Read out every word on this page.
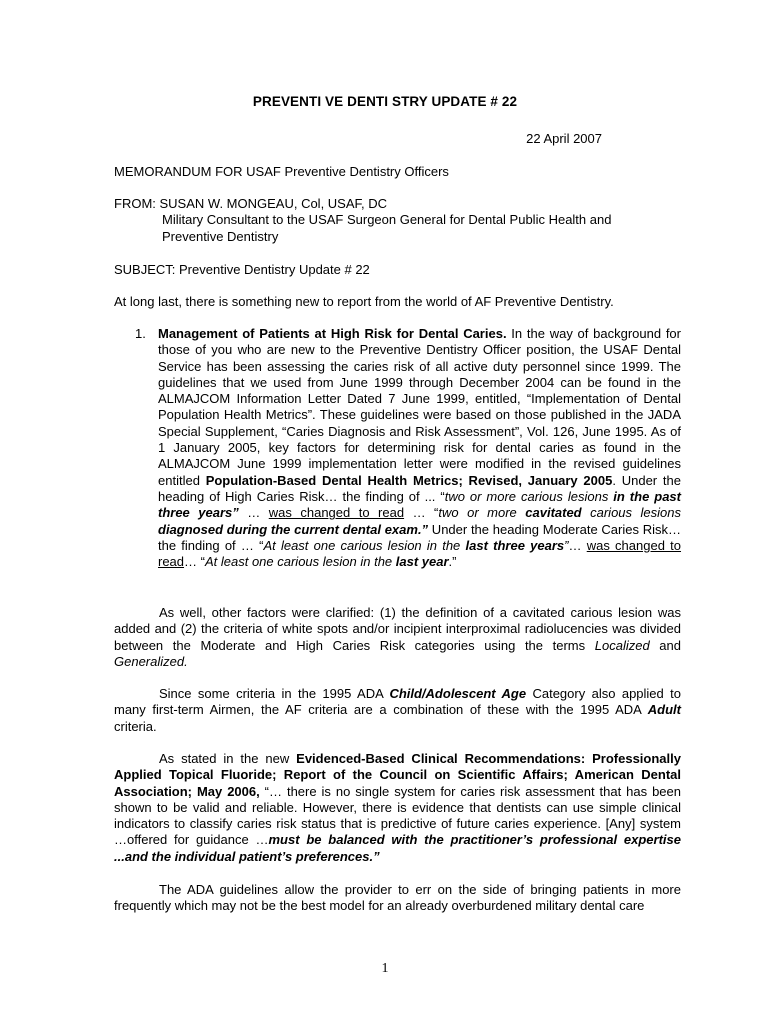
PREVENTI VE DENTI STRY UPDATE # 22
22 April 2007
MEMORANDUM FOR USAF Preventive Dentistry Officers
FROM: SUSAN W. MONGEAU, Col, USAF, DC
Military Consultant to the USAF Surgeon General for Dental Public Health and
Preventive Dentistry
SUBJECT: Preventive Dentistry Update # 22
At long last, there is something new to report from the world of AF Preventive Dentistry.
1. Management of Patients at High Risk for Dental Caries. In the way of background for those of you who are new to the Preventive Dentistry Officer position, the USAF Dental Service has been assessing the caries risk of all active duty personnel since 1999. The guidelines that we used from June 1999 through December 2004 can be found in the ALMAJCOM Information Letter Dated 7 June 1999, entitled, “Implementation of Dental Population Health Metrics”. These guidelines were based on those published in the JADA Special Supplement, “Caries Diagnosis and Risk Assessment”, Vol. 126, June 1995. As of 1 January 2005, key factors for determining risk for dental caries as found in the ALMAJCOM June 1999 implementation letter were modified in the revised guidelines entitled Population-Based Dental Health Metrics; Revised, January 2005. Under the heading of High Caries Risk… the finding of ... “two or more carious lesions in the past three years” … was changed to read … “two or more cavitated carious lesions diagnosed during the current dental exam.” Under the heading Moderate Caries Risk… the finding of … “At least one carious lesion in the last three years”… was changed to read… “At least one carious lesion in the last year.”
As well, other factors were clarified: (1) the definition of a cavitated carious lesion was added and (2) the criteria of white spots and/or incipient interproximal radiolucencies was divided between the Moderate and High Caries Risk categories using the terms Localized and Generalized.
Since some criteria in the 1995 ADA Child/Adolescent Age Category also applied to many first-term Airmen, the AF criteria are a combination of these with the 1995 ADA Adult criteria.
As stated in the new Evidenced-Based Clinical Recommendations: Professionally Applied Topical Fluoride; Report of the Council on Scientific Affairs; American Dental Association; May 2006, “… there is no single system for caries risk assessment that has been shown to be valid and reliable. However, there is evidence that dentists can use simple clinical indicators to classify caries risk status that is predictive of future caries experience. [Any] system …offered for guidance …must be balanced with the practitioner’s professional expertise ...and the individual patient’s preferences.”
The ADA guidelines allow the provider to err on the side of bringing patients in more frequently which may not be the best model for an already overburdened military dental care
1
